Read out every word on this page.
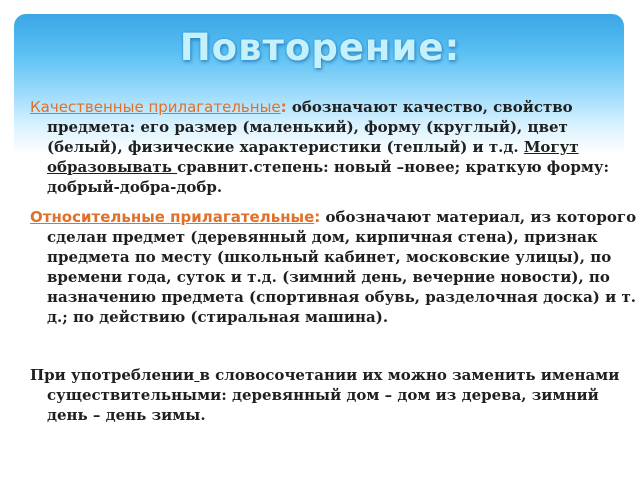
Повторение:
Качественные прилагательные: обозначают качество, свойство предмета: его размер (маленький), форму (круглый), цвет (белый), физические характеристики (теплый) и т.д. Могут образовывать сравнит.степень: новый –новее; краткую форму: добрый-добра-добр.
Относительные прилагательные: обозначают материал, из которого сделан предмет (деревянный дом, кирпичная стена), признак предмета по месту (школьный кабинет, московские улицы), по времени года, суток и т.д. (зимний день, вечерние новости), по назначению предмета (спортивная обувь, разделочная доска) и т. д.; по действию (стиральная машина).
При употреблении в словосочетании их можно заменить именами существительными: деревянный дом – дом из дерева, зимний день – день зимы.
